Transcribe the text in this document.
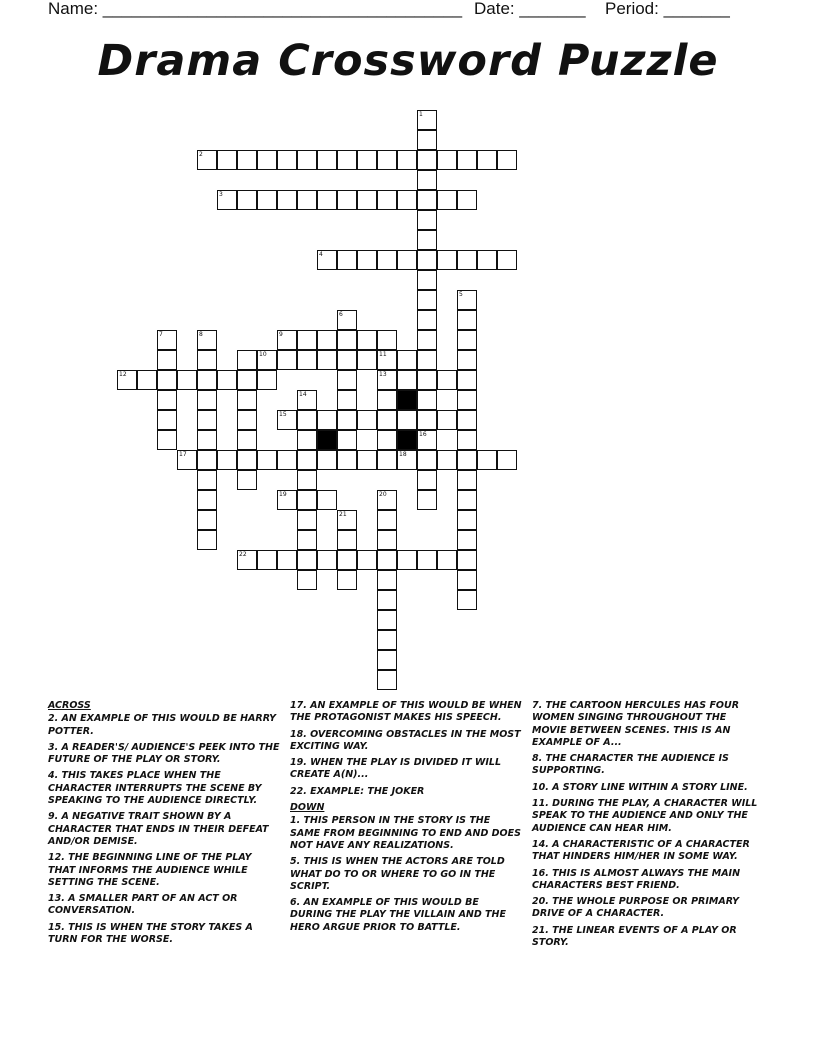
Name: ______________________________________ Date: _______ Period: _______
Drama Crossword Puzzle
2
3
4
9
10	11
12	13
15
17	18
19
22
1
16
5
6
7	8
14
20
21
ACROSS
2. AN EXAMPLE OF THIS WOULD BE HARRY POTTER.
3. A READER'S/ AUDIENCE'S PEEK INTO THE FUTURE OF THE PLAY OR STORY.
4. THIS TAKES PLACE WHEN THE CHARACTER INTERRUPTS THE SCENE BY SPEAKING TO THE AUDIENCE DIRECTLY.
9. A NEGATIVE TRAIT SHOWN BY A CHARACTER THAT ENDS IN THEIR DEFEAT AND/OR DEMISE.
12. THE BEGINNING LINE OF THE PLAY THAT INFORMS THE AUDIENCE WHILE SETTING THE SCENE.
13. A SMALLER PART OF AN ACT OR CONVERSATION.
15. THIS IS WHEN THE STORY TAKES A TURN FOR THE WORSE.
17. AN EXAMPLE OF THIS WOULD BE WHEN THE PROTAGONIST MAKES HIS SPEECH.
18. OVERCOMING OBSTACLES IN THE MOST EXCITING WAY.
19. WHEN THE PLAY IS DIVIDED IT WILL CREATE A(N)...
22. EXAMPLE: THE JOKER
DOWN
1. THIS PERSON IN THE STORY IS THE SAME FROM BEGINNING TO END AND DOES NOT HAVE ANY REALIZATIONS.
5. THIS IS WHEN THE ACTORS ARE TOLD WHAT DO TO OR WHERE TO GO IN THE SCRIPT.
6. AN EXAMPLE OF THIS WOULD BE DURING THE PLAY THE VILLAIN AND THE HERO ARGUE PRIOR TO BATTLE.
7. THE CARTOON HERCULES HAS FOUR WOMEN SINGING THROUGHOUT THE MOVIE BETWEEN SCENES. THIS IS AN EXAMPLE OF A...
8. THE CHARACTER THE AUDIENCE IS SUPPORTING.
10. A STORY LINE WITHIN A STORY LINE.
11. DURING THE PLAY, A CHARACTER WILL SPEAK TO THE AUDIENCE AND ONLY THE AUDIENCE CAN HEAR HIM.
14. A CHARACTERISTIC OF A CHARACTER THAT HINDERS HIM/HER IN SOME WAY.
16. THIS IS ALMOST ALWAYS THE MAIN CHARACTERS BEST FRIEND.
20. THE WHOLE PURPOSE OR PRIMARY DRIVE OF A CHARACTER.
21. THE LINEAR EVENTS OF A PLAY OR STORY.
